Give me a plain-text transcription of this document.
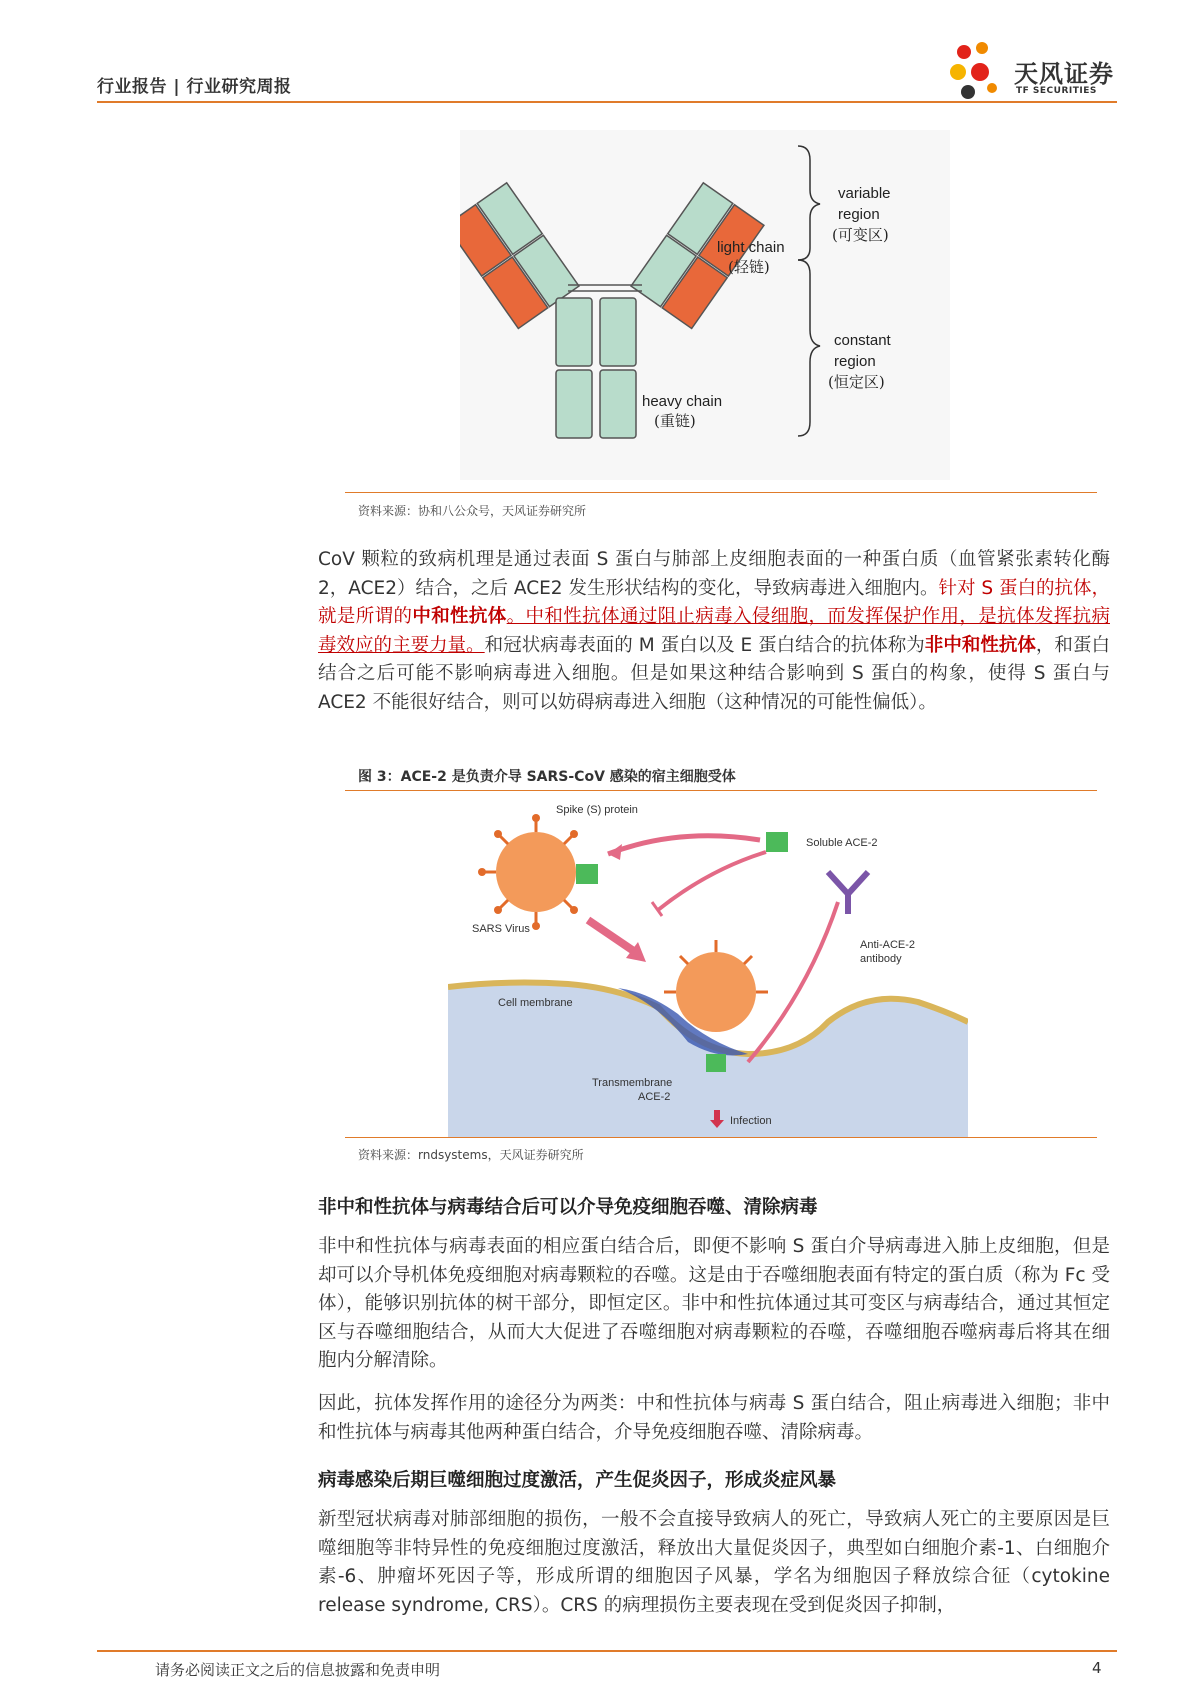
行业报告 | 行业研究周报	天风证券
TF SECURITIES
variable
region
(可变区)
light chain
(轻链)
constant
region
(恒定区)
heavy chain
(重链)
资料来源：协和八公众号，天风证券研究所

CoV 颗粒的致病机理是通过表面 S 蛋白与肺部上皮细胞表面的一种蛋白质（血管紧张素转化酶 2，ACE2）结合，之后 ACE2 发生形状结构的变化，导致病毒进入细胞内。针对 S 蛋白的抗体，就是所谓的中和性抗体。中和性抗体通过阻止病毒入侵细胞，而发挥保护作用，是抗体发挥抗病毒效应的主要力量。和冠状病毒表面的 M 蛋白以及 E 蛋白结合的抗体称为非中和性抗体，和蛋白结合之后可能不影响病毒进入细胞。但是如果这种结合影响到 S 蛋白的构象，使得 S 蛋白与 ACE2 不能很好结合，则可以妨碍病毒进入细胞（这种情况的可能性偏低）。

图 3：ACE-2 是负责介导 SARS-CoV 感染的宿主细胞受体
Spike (S) protein
Soluble ACE-2
SARS Virus
Anti-ACE-2
antibody
Cell membrane
Transmembrane
ACE-2
Infection
资料来源：rndsystems，天风证券研究所
非中和性抗体与病毒结合后可以介导免疫细胞吞噬、清除病毒

非中和性抗体与病毒表面的相应蛋白结合后，即便不影响 S 蛋白介导病毒进入肺上皮细胞，但是却可以介导机体免疫细胞对病毒颗粒的吞噬。这是由于吞噬细胞表面有特定的蛋白质（称为 Fc 受体），能够识别抗体的树干部分，即恒定区。非中和性抗体通过其可变区与病毒结合，通过其恒定区与吞噬细胞结合，从而大大促进了吞噬细胞对病毒颗粒的吞噬，吞噬细胞吞噬病毒后将其在细胞内分解清除。

因此，抗体发挥作用的途径分为两类：中和性抗体与病毒 S 蛋白结合，阻止病毒进入细胞；非中和性抗体与病毒其他两种蛋白结合，介导免疫细胞吞噬、清除病毒。

病毒感染后期巨噬细胞过度激活，产生促炎因子，形成炎症风暴

新型冠状病毒对肺部细胞的损伤，一般不会直接导致病人的死亡，导致病人死亡的主要原因是巨噬细胞等非特异性的免疫细胞过度激活，释放出大量促炎因子，典型如白细胞介素-1、白细胞介素-6、肿瘤坏死因子等，形成所谓的细胞因子风暴，学名为细胞因子释放综合征（cytokine release syndrome, CRS）。CRS 的病理损伤主要表现在受到促炎因子抑制，

请务必阅读正文之后的信息披露和免责申明	4
